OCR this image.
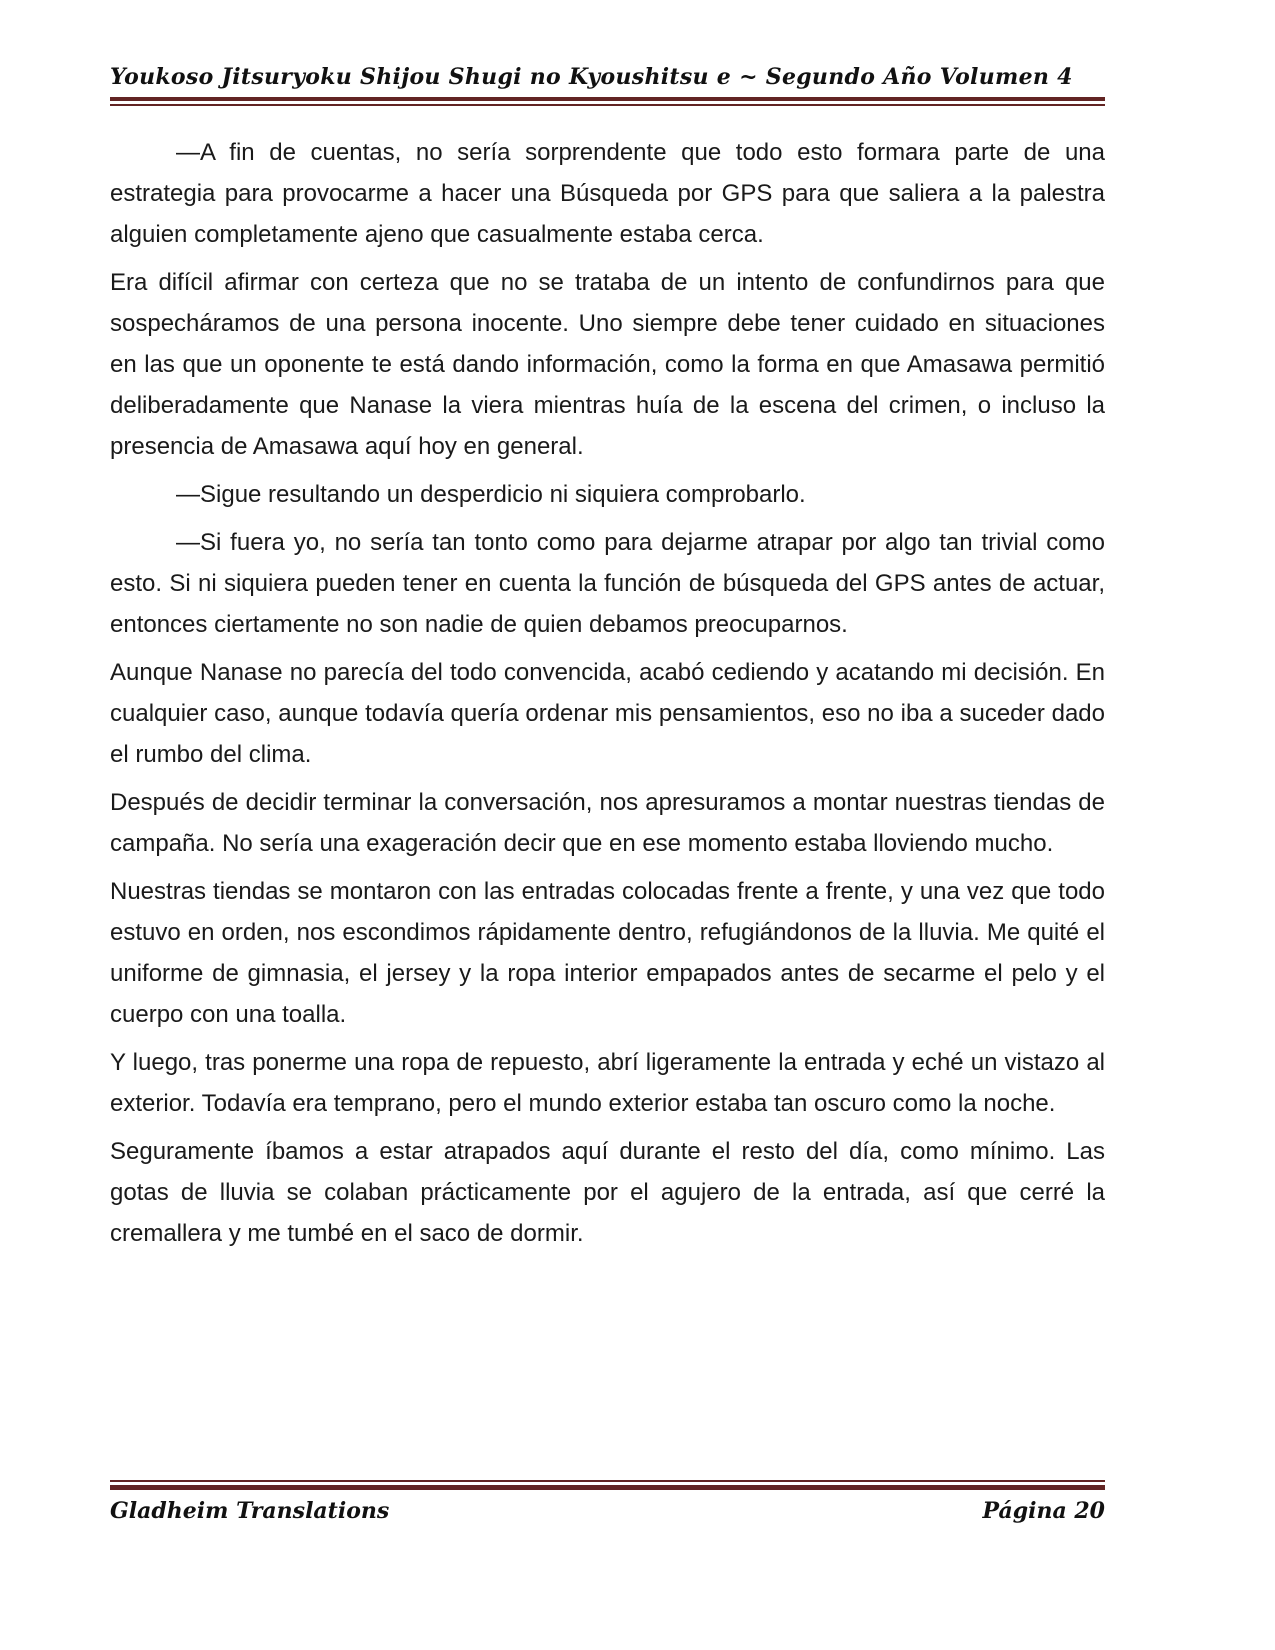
Youkoso Jitsuryoku Shijou Shugi no Kyoushitsu e ~ Segundo Año Volumen 4

—A fin de cuentas, no sería sorprendente que todo esto formara parte de una estrategia para provocarme a hacer una Búsqueda por GPS para que saliera a la palestra alguien completamente ajeno que casualmente estaba cerca.

Era difícil afirmar con certeza que no se trataba de un intento de confundirnos para que sospecháramos de una persona inocente. Uno siempre debe tener cuidado en situaciones en las que un oponente te está dando información, como la forma en que Amasawa permitió deliberadamente que Nanase la viera mientras huía de la escena del crimen, o incluso la presencia de Amasawa aquí hoy en general.

—Sigue resultando un desperdicio ni siquiera comprobarlo.

—Si fuera yo, no sería tan tonto como para dejarme atrapar por algo tan trivial como esto. Si ni siquiera pueden tener en cuenta la función de búsqueda del GPS antes de actuar, entonces ciertamente no son nadie de quien debamos preocuparnos.

Aunque Nanase no parecía del todo convencida, acabó cediendo y acatando mi decisión. En cualquier caso, aunque todavía quería ordenar mis pensamientos, eso no iba a suceder dado el rumbo del clima.

Después de decidir terminar la conversación, nos apresuramos a montar nuestras tiendas de campaña. No sería una exageración decir que en ese momento estaba lloviendo mucho.

Nuestras tiendas se montaron con las entradas colocadas frente a frente, y una vez que todo estuvo en orden, nos escondimos rápidamente dentro, refugiándonos de la lluvia. Me quité el uniforme de gimnasia, el jersey y la ropa interior empapados antes de secarme el pelo y el cuerpo con una toalla.

Y luego, tras ponerme una ropa de repuesto, abrí ligeramente la entrada y eché un vistazo al exterior. Todavía era temprano, pero el mundo exterior estaba tan oscuro como la noche.

Seguramente íbamos a estar atrapados aquí durante el resto del día, como mínimo. Las gotas de lluvia se colaban prácticamente por el agujero de la entrada, así que cerré la cremallera y me tumbé en el saco de dormir.

Gladheim Translations	Página 20
